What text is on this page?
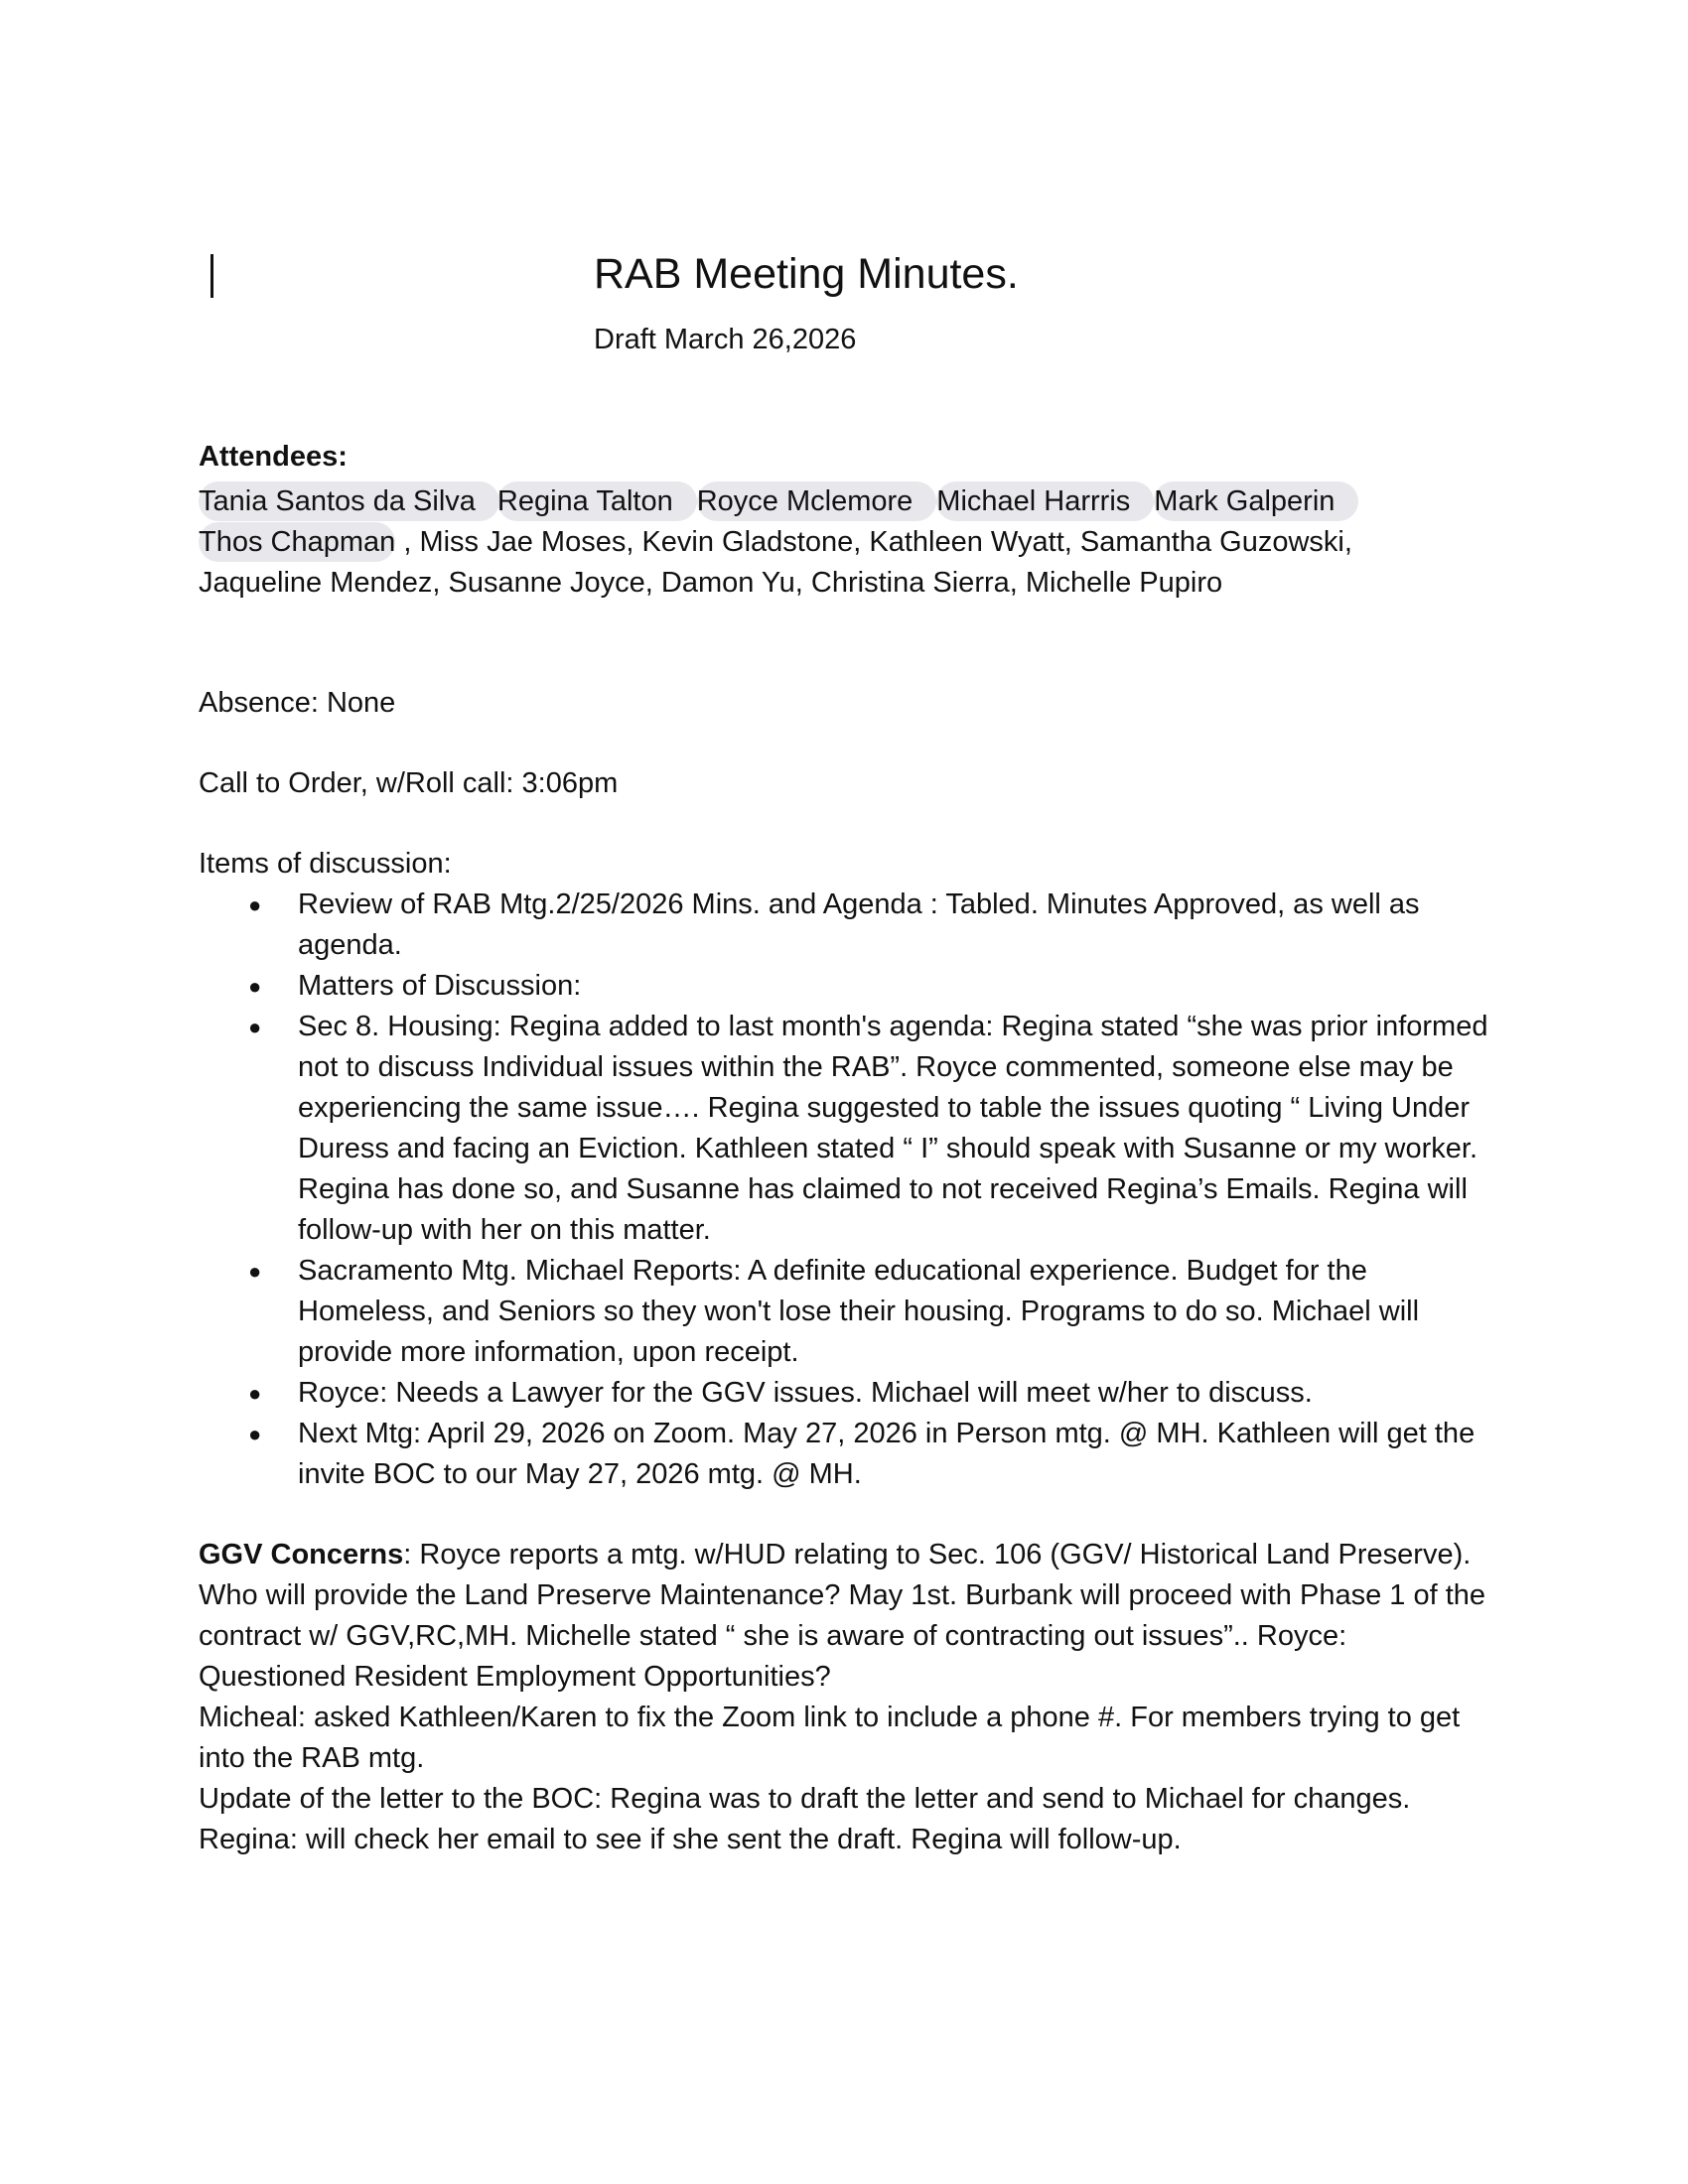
RAB Meeting Minutes.
Draft March 26,2026

Attendees:

Tania Santos da Silva Regina Talton Royce Mclemore Michael Harrris Mark Galperin
Thos Chapman , Miss Jae Moses, Kevin Gladstone, Kathleen Wyatt, Samantha Guzowski,
Jaqueline Mendez, Susanne Joyce, Damon Yu, Christina Sierra, Michelle Pupiro

Absence: None

Call to Order, w/Roll call: 3:06pm

Items of discussion:

● Review of RAB Mtg.2/25/2026 Mins. and Agenda : Tabled. Minutes Approved, as well as agenda.
● Matters of Discussion:
● Sec 8. Housing: Regina added to last month's agenda: Regina stated “she was prior informed not to discuss Individual issues within the RAB”. Royce commented, someone else may be experiencing the same issue…. Regina suggested to table the issues quoting “ Living Under Duress and facing an Eviction. Kathleen stated “ I” should speak with Susanne or my worker. Regina has done so, and Susanne has claimed to not received Regina’s Emails. Regina will follow-up with her on this matter.
● Sacramento Mtg. Michael Reports: A definite educational experience. Budget for the Homeless, and Seniors so they won't lose their housing. Programs to do so. Michael will provide more information, upon receipt.
● Royce: Needs a Lawyer for the GGV issues. Michael will meet w/her to discuss.
● Next Mtg: April 29, 2026 on Zoom. May 27, 2026 in Person mtg. @ MH. Kathleen will get the invite BOC to our May 27, 2026 mtg. @ MH.

GGV Concerns: Royce reports a mtg. w/HUD relating to Sec. 106 (GGV/ Historical Land Preserve). Who will provide the Land Preserve Maintenance? May 1st. Burbank will proceed with Phase 1 of the contract w/ GGV,RC,MH. Michelle stated “ she is aware of contracting out issues”.. Royce: Questioned Resident Employment Opportunities?

Micheal: asked Kathleen/Karen to fix the Zoom link to include a phone #. For members trying to get into the RAB mtg.

Update of the letter to the BOC: Regina was to draft the letter and send to Michael for changes.

Regina: will check her email to see if she sent the draft. Regina will follow-up.
